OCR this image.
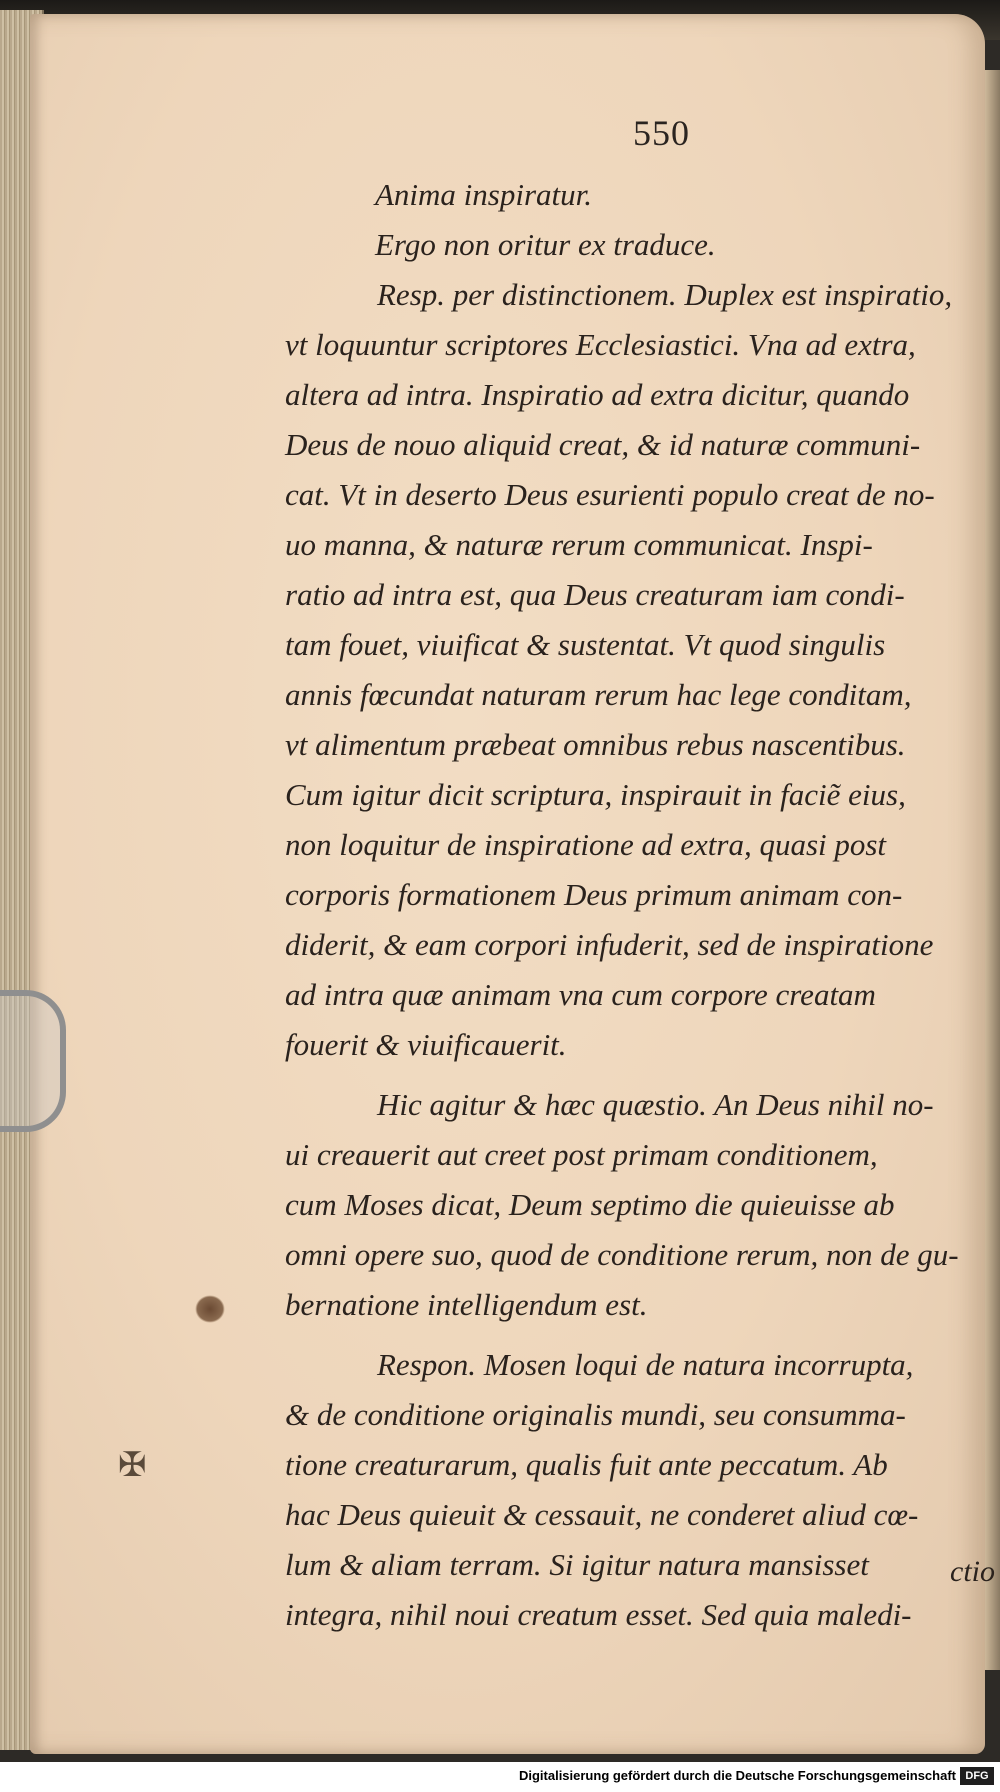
550
Anima inspiratur.
Ergo non oritur ex traduce.
Resp. per distinctionem. Duplex est inspiratio,
vt loquuntur scriptores Ecclesiastici. Vna ad extra,
altera ad intra. Inspiratio ad extra dicitur, quando
Deus de nouo aliquid creat, & id naturæ communi-
cat. Vt in deserto Deus esurienti populo creat de no-
uo manna, & naturæ rerum communicat. Inspi-
ratio ad intra est, qua Deus creaturam iam condi-
tam fouet, viuificat & sustentat. Vt quod singulis
annis fœcundat naturam rerum hac lege conditam,
vt alimentum præbeat omnibus rebus nascentibus.
Cum igitur dicit scriptura, inspirauit in faciẽ eius,
non loquitur de inspiratione ad extra, quasi post
corporis formationem Deus primum animam con-
diderit, & eam corpori infuderit, sed de inspiratione
ad intra quæ animam vna cum corpore creatam
fouerit & viuificauerit.
Hic agitur & hæc quæstio. An Deus nihil no-
ui creauerit aut creet post primam conditionem,
cum Moses dicat, Deum septimo die quieuisse ab
omni opere suo, quod de conditione rerum, non de gu-
bernatione intelligendum est.
Respon. Mosen loqui de natura incorrupta,
& de conditione originalis mundi, seu consumma-
tione creaturarum, qualis fuit ante peccatum. Ab
hac Deus quieuit & cessauit, ne conderet aliud cœ-
lum & aliam terram. Si igitur natura mansisset
integra, nihil noui creatum esset. Sed quia maledi-
✠
ctio
Digitalisierung gefördert durch die Deutsche Forschungsgemeinschaft DFG
